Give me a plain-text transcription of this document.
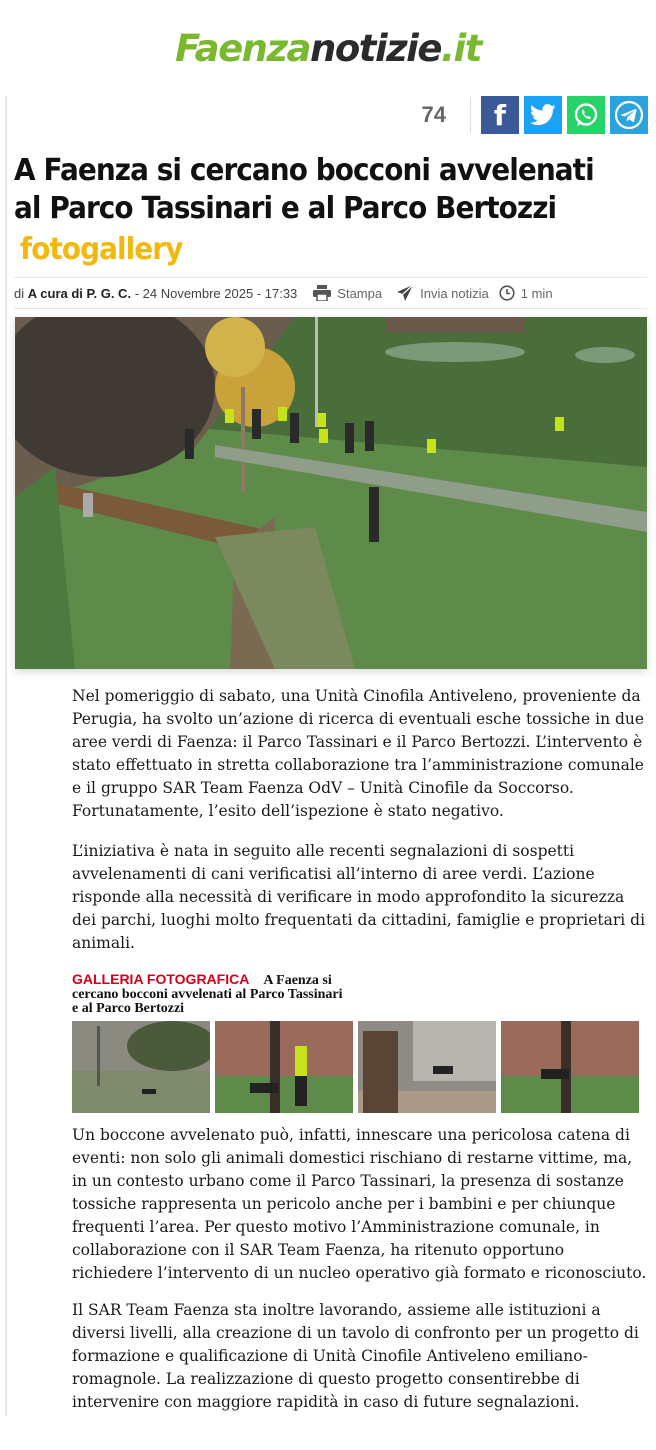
Faenzanotizie.it
74 f
A Faenza si cercano bocconi avvelenati al Parco Tassinari e al Parco Bertozzi
fotogallery
di
A cura di P. G. C.
- 24 Novembre 2025 - 17:33	Stampa	Invia notizia 1 min

Nel pomeriggio di sabato, una Unità Cinofila Antiveleno, proveniente da Perugia, ha svolto un’azione di ricerca di eventuali esche tossiche in due aree verdi di Faenza: il Parco Tassinari e il Parco Bertozzi. L’intervento è stato effettuato in stretta collaborazione tra l’amministrazione comunale e il gruppo SAR Team Faenza OdV – Unità Cinofile da Soccorso. Fortunatamente, l’esito dell’ispezione è stato negativo.

L’iniziativa è nata in seguito alle recenti segnalazioni di sospetti avvelenamenti di cani verificatisi all’interno di aree verdi. L’azione risponde alla necessità di verificare in modo approfondito la sicurezza dei parchi, luoghi molto frequentati da cittadini, famiglie e proprietari di animali.

GALLERIA FOTOGRAFICA A Faenza si cercano bocconi avvelenati al Parco Tassinari e al Parco Bertozzi

Un boccone avvelenato può, infatti, innescare una pericolosa catena di eventi: non solo gli animali domestici rischiano di restarne vittime, ma, in un contesto urbano come il Parco Tassinari, la presenza di sostanze tossiche rappresenta un pericolo anche per i bambini e per chiunque frequenti l’area. Per questo motivo l’Amministrazione comunale, in collaborazione con il SAR Team Faenza, ha ritenuto opportuno richiedere l’intervento di un nucleo operativo già formato e riconosciuto.

Il SAR Team Faenza sta inoltre lavorando, assieme alle istituzioni a diversi livelli, alla creazione di un tavolo di confronto per un progetto di formazione e qualificazione di Unità Cinofile Antiveleno emiliano-romagnole. La realizzazione di questo progetto consentirebbe di intervenire con maggiore rapidità in caso di future segnalazioni.
